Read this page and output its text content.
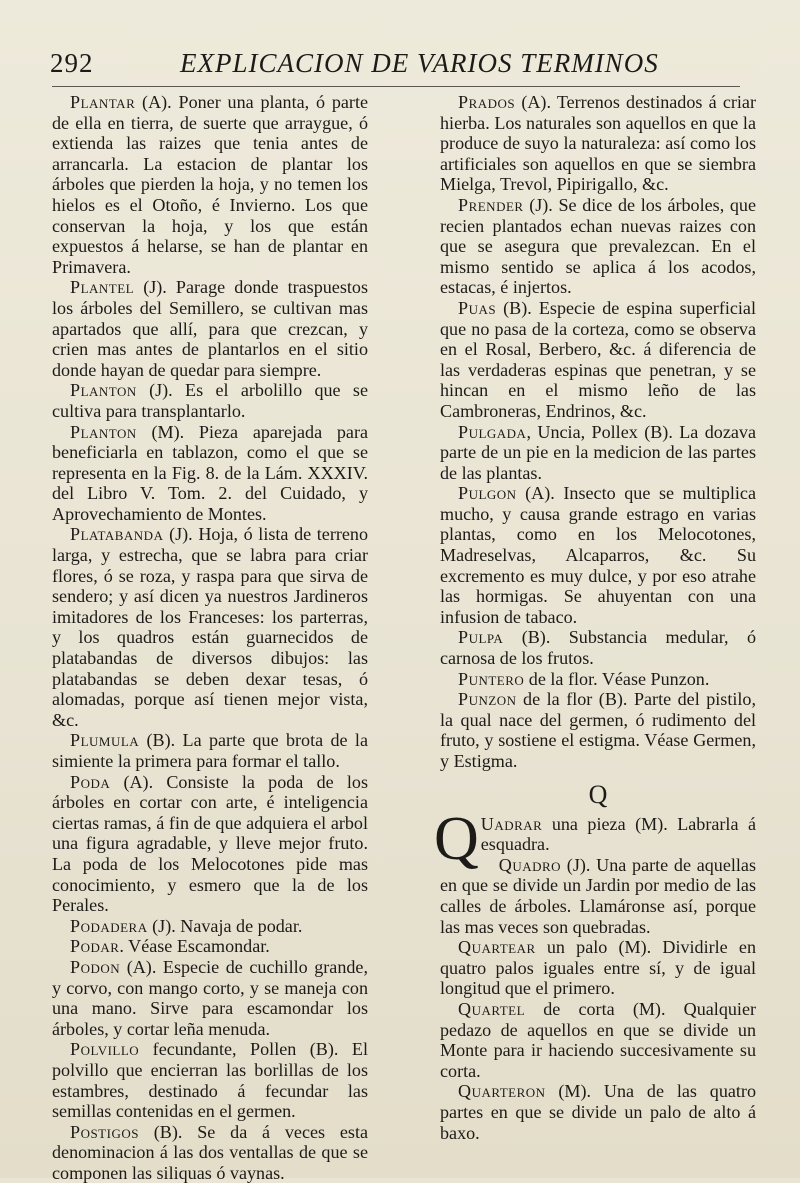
292	EXPLICACION DE VARIOS TERMINOS

Plantar (A). Poner una planta, ó parte de ella en tierra, de suerte que arraygue, ó extienda las raizes que tenia antes de arrancarla. La estacion de plantar los árboles que pierden la hoja, y no temen los hielos es el Otoño, é Invierno. Los que conservan la hoja, y los que están expuestos á helarse, se han de plantar en Primavera.

Plantel (J). Parage donde traspuestos los árboles del Semillero, se cultivan mas apartados que allí, para que crezcan, y crien mas antes de plantarlos en el sitio donde hayan de quedar para siempre.

Planton (J). Es el arbolillo que se cultiva para transplantarlo.

Planton (M). Pieza aparejada para beneficiarla en tablazon, como el que se representa en la Fig. 8. de la Lám. XXXIV. del Libro V. Tom. 2. del Cuidado, y Aprovechamiento de Montes.

Platabanda (J). Hoja, ó lista de terreno larga, y estrecha, que se labra para criar flores, ó se roza, y raspa para que sirva de sendero; y así dicen ya nuestros Jardineros imitadores de los Franceses: los parterras, y los quadros están guarnecidos de platabandas de diversos dibujos: las platabandas se deben dexar tesas, ó alomadas, porque así tienen mejor vista, &c.

Plumula (B). La parte que brota de la simiente la primera para formar el tallo.

Poda (A). Consiste la poda de los árboles en cortar con arte, é inteligencia ciertas ramas, á fin de que adquiera el arbol una figura agradable, y lleve mejor fruto. La poda de los Melocotones pide mas conocimiento, y esmero que la de los Perales.

Podadera (J). Navaja de podar.

Podar. Véase Escamondar.

Podon (A). Especie de cuchillo grande, y corvo, con mango corto, y se maneja con una mano. Sirve para escamondar los árboles, y cortar leña menuda.

Polvillo fecundante, Pollen (B). El polvillo que encierran las borlillas de los estambres, destinado á fecundar las semillas contenidas en el germen.

Postigos (B). Se da á veces esta denominacion á las dos ventallas de que se componen las siliquas ó vaynas.

Prados (A). Terrenos destinados á criar hierba. Los naturales son aquellos en que la produce de suyo la naturaleza: así como los artificiales son aquellos en que se siembra Mielga, Trevol, Pipirigallo, &c.

Prender (J). Se dice de los árboles, que recien plantados echan nuevas raizes con que se asegura que prevalezcan. En el mismo sentido se aplica á los acodos, estacas, é injertos.

Puas (B). Especie de espina superficial que no pasa de la corteza, como se observa en el Rosal, Berbero, &c. á diferencia de las verdaderas espinas que penetran, y se hincan en el mismo leño de las Cambroneras, Endrinos, &c.

Pulgada, Uncia, Pollex (B). La dozava parte de un pie en la medicion de las partes de las plantas.

Pulgon (A). Insecto que se multiplica mucho, y causa grande estrago en varias plantas, como en los Melocotones, Madreselvas, Alcaparros, &c. Su excremento es muy dulce, y por eso atrahe las hormigas. Se ahuyentan con una infusion de tabaco.

Pulpa (B). Substancia medular, ó carnosa de los frutos.

Puntero de la flor. Véase Punzon.

Punzon de la flor (B). Parte del pistilo, la qual nace del germen, ó rudimento del fruto, y sostiene el estigma. Véase Germen, y Estigma.

Q

Q Uadrar una pieza (M). Labrarla á esquadra.

Quadro (J). Una parte de aquellas en que se divide un Jardin por medio de las calles de árboles. Llamáronse así, porque las mas veces son quebradas.

Quartear un palo (M). Dividirle en quatro palos iguales entre sí, y de igual longitud que el primero.

Quartel de corta (M). Qualquier pedazo de aquellos en que se divide un Monte para ir haciendo succesivamente su corta.

Quarteron (M). Una de las quatro partes en que se divide un palo de alto á baxo.
